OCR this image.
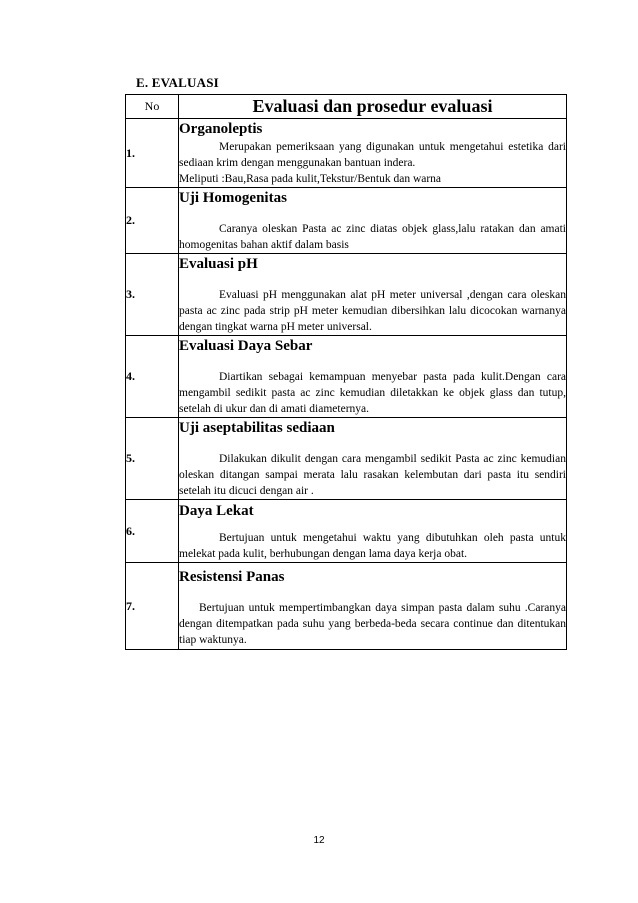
E. EVALUASI
No	Evaluasi dan prosedur evaluasi
1.	Organoleptis
Merupakan pemeriksaan yang digunakan untuk mengetahui estetika dari sediaan krim dengan menggunakan bantuan indera.
Meliputi :Bau,Rasa pada kulit,Tekstur/Bentuk dan warna

2.	Uji Homogenitas
Caranya oleskan Pasta ac zinc diatas objek glass,lalu ratakan dan amati homogenitas bahan aktif dalam basis

3.	Evaluasi pH
Evaluasi pH menggunakan alat pH meter universal ,dengan cara oleskan pasta ac zinc pada strip pH meter kemudian dibersihkan lalu dicocokan warnanya dengan tingkat warna pH meter universal.

4.	Evaluasi Daya Sebar
Diartikan sebagai kemampuan menyebar pasta pada kulit.Dengan cara mengambil sedikit pasta ac zinc kemudian diletakkan ke objek glass dan tutup, setelah di ukur dan di amati diameternya.

5.	Uji aseptabilitas sediaan
Dilakukan dikulit dengan cara mengambil sedikit Pasta ac zinc kemudian oleskan ditangan sampai merata lalu rasakan kelembutan dari pasta itu sendiri setelah itu dicuci dengan air .

6.	Daya Lekat
Bertujuan untuk mengetahui waktu yang dibutuhkan oleh pasta untuk melekat pada kulit, berhubungan dengan lama daya kerja obat.

7.	Resistensi Panas
Bertujuan untuk mempertimbangkan daya simpan pasta dalam suhu .Caranya dengan ditempatkan pada suhu yang berbeda-beda secara continue dan ditentukan tiap waktunya.
12
